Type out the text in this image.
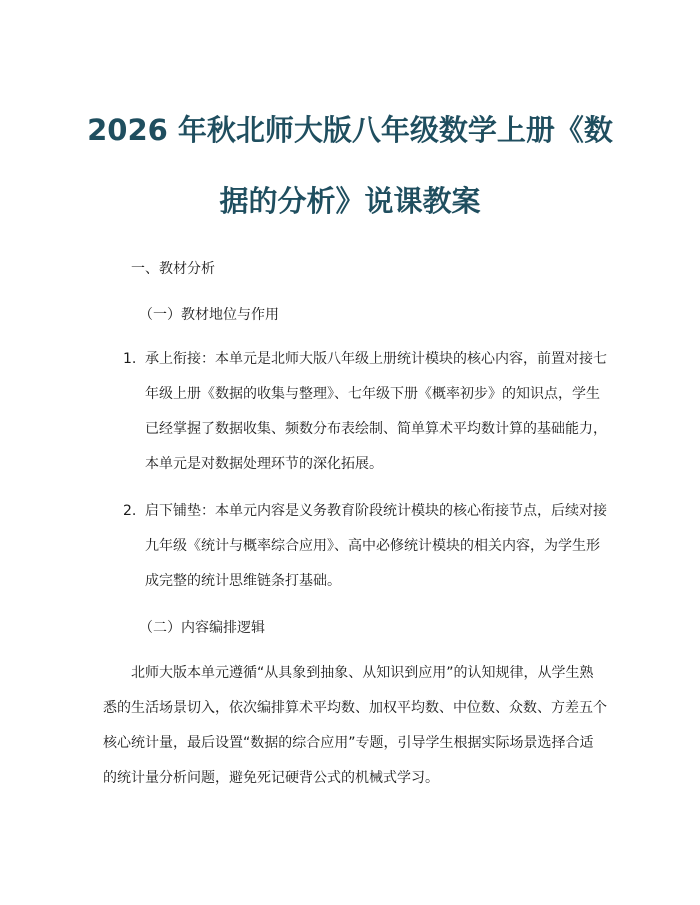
2026 年秋北师大版八年级数学上册《数
据的分析》说课教案
一、教材分析
（一）教材地位与作用
1. 承上衔接：本单元是北师大版八年级上册统计模块的核心内容，前置对接七
年级上册《数据的收集与整理》、七年级下册《概率初步》的知识点，学生
已经掌握了数据收集、频数分布表绘制、简单算术平均数计算的基础能力，
本单元是对数据处理环节的深化拓展。
2. 启下铺垫：本单元内容是义务教育阶段统计模块的核心衔接节点，后续对接
九年级《统计与概率综合应用》、高中必修统计模块的相关内容，为学生形
成完整的统计思维链条打基础。
（二）内容编排逻辑
北师大版本单元遵循“从具象到抽象、从知识到应用”的认知规律，从学生熟
悉的生活场景切入，依次编排算术平均数、加权平均数、中位数、众数、方差五个
核心统计量，最后设置“数据的综合应用”专题，引导学生根据实际场景选择合适
的统计量分析问题，避免死记硬背公式的机械式学习。
